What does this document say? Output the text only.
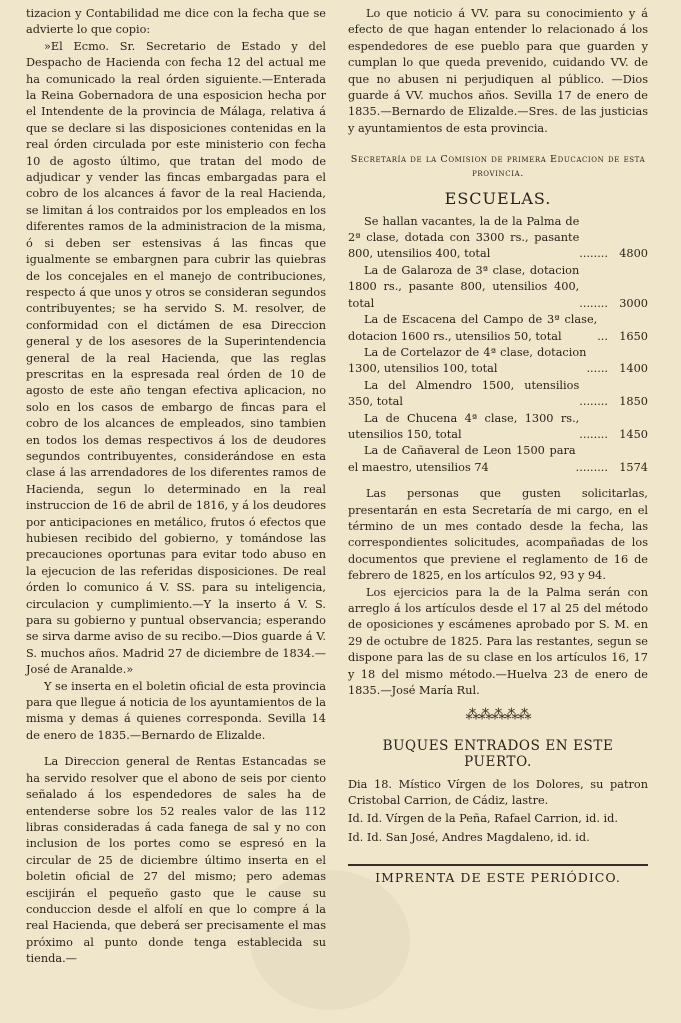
tizacion y Contabilidad me dice con la fecha que se advierte lo que copio:

»El Ecmo. Sr. Secretario de Estado y del Despacho de Hacienda con fecha 12 del actual me ha comunicado la real órden siguiente.—Enterada la Reina Gobernadora de una esposicion hecha por el Intendente de la provincia de Málaga, relativa á que se declare si las disposiciones contenidas en la real órden circulada por este ministerio con fecha 10 de agosto último, que tratan del modo de adjudicar y vender las fincas embargadas para el cobro de los alcances á favor de la real Hacienda, se limitan á los contraidos por los empleados en los diferentes ramos de la administracion de la misma, ó si deben ser estensivas á las fincas que igualmente se embargnen para cubrir las quiebras de los concejales en el manejo de contribuciones, respecto á que unos y otros se consideran segundos contribuyentes; se ha servido S. M. resolver, de conformidad con el dictámen de esa Direccion general y de los asesores de la Superintendencia general de la real Hacienda, que las reglas prescritas en la espresada real órden de 10 de agosto de este año tengan efectiva aplicacion, no solo en los casos de embargo de fincas para el cobro de los alcances de empleados, sino tambien en todos los demas respectivos á los de deudores segundos contribuyentes, considerándose en esta clase á las arrendadores de los diferentes ramos de Hacienda, segun lo determinado en la real instruccion de 16 de abril de 1816, y á los deudores por anticipaciones en metálico, frutos ó efectos que hubiesen recibido del gobierno, y tomándose las precauciones oportunas para evitar todo abuso en la ejecucion de las referidas disposiciones. De real órden lo comunico á V. SS. para su inteligencia, circulacion y cumplimiento.—Y la inserto á V. S. para su gobierno y puntual observancia; esperando se sirva darme aviso de su recibo.—Dios guarde á V. S. muchos años. Madrid 27 de diciembre de 1834.—José de Aranalde.»

Y se inserta en el boletin oficial de esta provincia para que llegue á noticia de los ayuntamientos de la misma y demas á quienes corresponda. Sevilla 14 de enero de 1835.—Bernardo de Elizalde.

La Direccion general de Rentas Estancadas se ha servido resolver que el abono de seis por ciento señalado á los espendedores de sales ha de entenderse sobre los 52 reales valor de las 112 libras consideradas á cada fanega de sal y no con inclusion de los portes como se espresó en la circular de 25 de diciembre último inserta en el boletin oficial de 27 del mismo; pero ademas escijirán el pequeño gasto que le cause su conduccion desde el alfolí en que lo compre á la real Hacienda, que deberá ser precisamente el mas próximo al punto donde tenga establecida su tienda.—

Lo que noticio á VV. para su conocimiento y á efecto de que hagan entender lo relacionado á los espendedores de ese pueblo para que guarden y cumplan lo que queda prevenido, cuidando VV. de que no abusen ni perjudiquen al público. —Dios guarde á VV. muchos años. Sevilla 17 de enero de 1835.—Bernardo de Elizalde.—Sres. de las justicias y ayuntamientos de esta provincia.

Secretaría de la Comision de primera Educacion de esta provincia.
ESCUELAS.
Se hallan vacantes, la de la Palma de 2ª clase, dotada con 3300 rs., pasante 800, utensilios 400, total	........ 4800
La de Galaroza de 3ª clase, dotacion 1800 rs., pasante 800, utensilios 400, total	........ 3000
La de Escacena del Campo de 3ª clase, dotacion 1600 rs., utensilios 50, total	... 1650
La de Cortelazor de 4ª clase, dotacion 1300, utensilios 100, total	...... 1400
La del Almendro 1500, utensilios 350, total	........ 1850
La de Chucena 4ª clase, 1300 rs., utensilios 150, total	........ 1450
La de Cañaveral de Leon 1500 para el maestro, utensilios 74	......... 1574

Las personas que gusten solicitarlas, presentarán en esta Secretaría de mi cargo, en el término de un mes contado desde la fecha, las correspondientes solicitudes, acompañadas de los documentos que previene el reglamento de 16 de febrero de 1825, en los artículos 92, 93 y 94.

Los ejercicios para la de la Palma serán con arreglo á los artículos desde el 17 al 25 del método de oposiciones y escámenes aprobado por S. M. en 29 de octubre de 1825. Para las restantes, segun se dispone para las de su clase en los artículos 16, 17 y 18 del mismo método.—Huelva 23 de enero de 1835.—José María Rul.

⁂⁂⁂⁂⁂
BUQUES ENTRADOS EN ESTE PUERTO.

Dia 18. Místico Vírgen de los Dolores, su patron Cristobal Carrion, de Cádiz, lastre.

Id. Id. Vírgen de la Peña, Rafael Carrion, id. id.

Id. Id. San José, Andres Magdaleno, id. id.

IMPRENTA DE ESTE PERIÓDICO.
